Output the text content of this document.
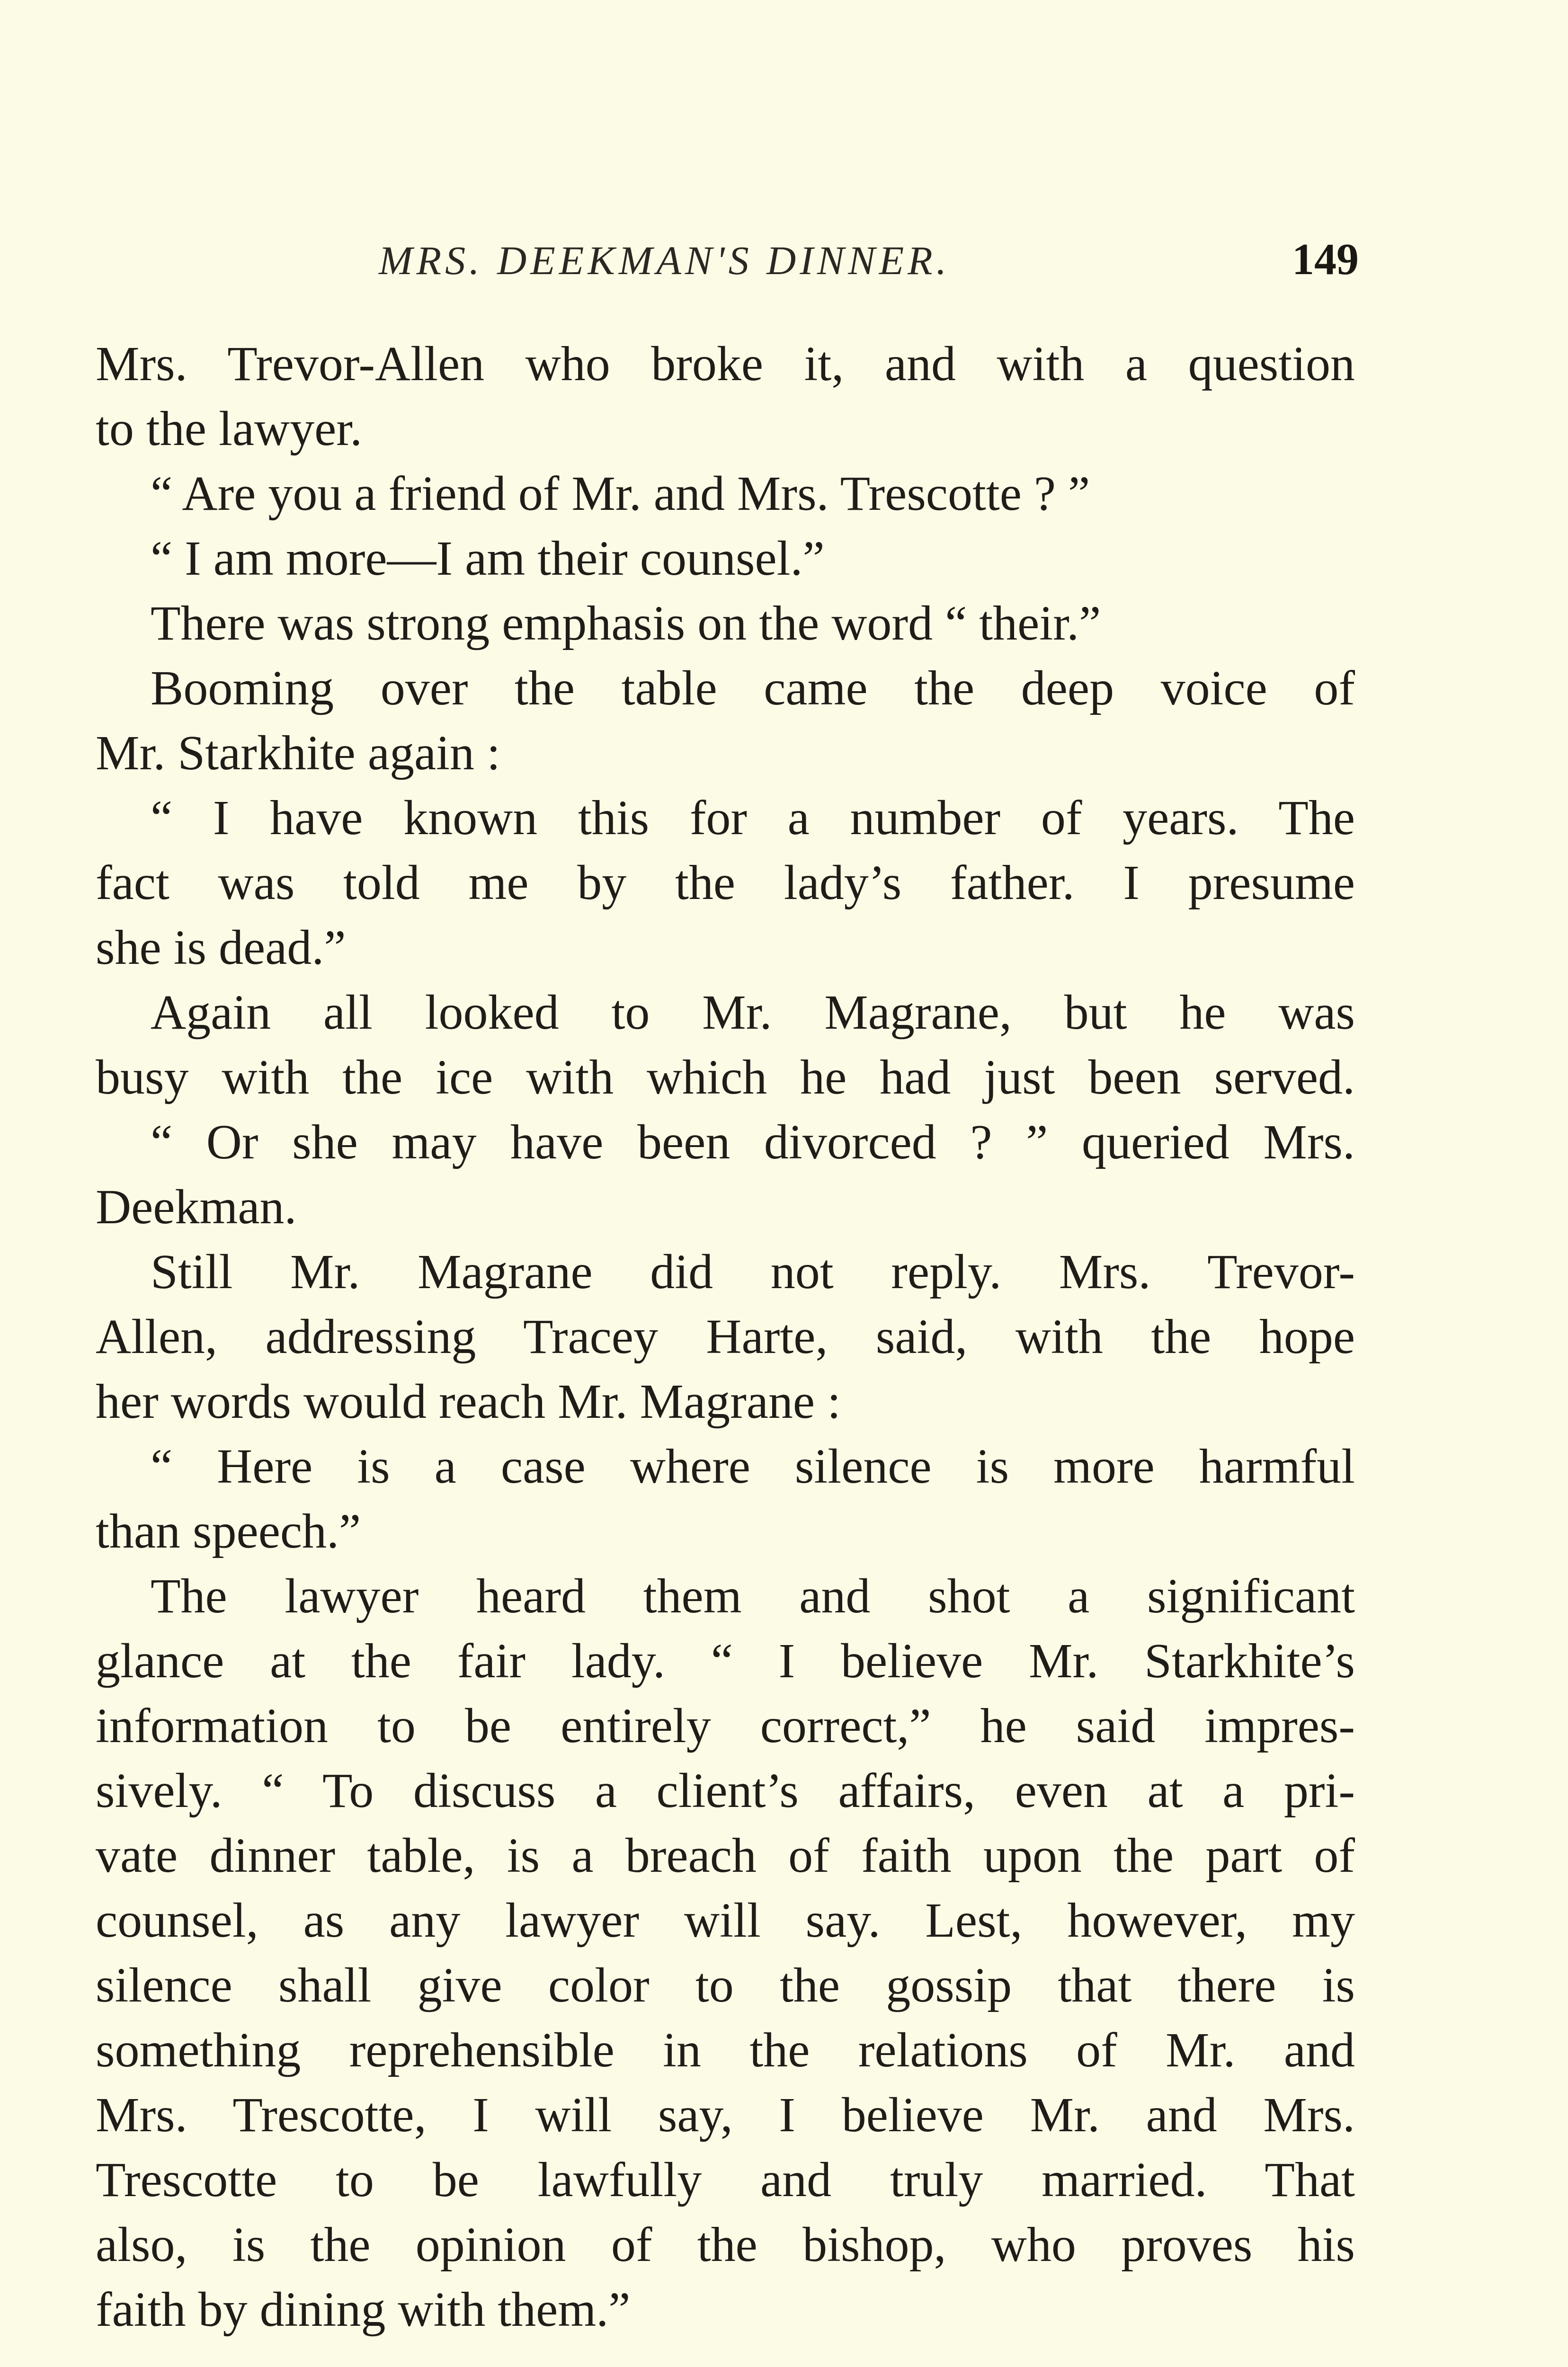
MRS. DEEKMAN'S DINNER.	149
Mrs. Trevor-Allen who broke it, and with a question
to the lawyer.
“ Are you a friend of Mr. and Mrs. Trescotte ? ”
“ I am more—I am their counsel.”
There was strong emphasis on the word “ their.”
Booming over the table came the deep voice of
Mr. Starkhite again :
“ I have known this for a number of years. The
fact was told me by the lady’s father. I presume
she is dead.”
Again all looked to Mr. Magrane, but he was
busy with the ice with which he had just been served.
“ Or she may have been divorced ? ” queried Mrs.
Deekman.
Still Mr. Magrane did not reply. Mrs. Trevor-
Allen, addressing Tracey Harte, said, with the hope
her words would reach Mr. Magrane :
“ Here is a case where silence is more harmful
than speech.”
The lawyer heard them and shot a significant
glance at the fair lady. “ I believe Mr. Starkhite’s
information to be entirely correct,” he said impres-
sively. “ To discuss a client’s affairs, even at a pri-
vate dinner table, is a breach of faith upon the part of
counsel, as any lawyer will say. Lest, however, my
silence shall give color to the gossip that there is
something reprehensible in the relations of Mr. and
Mrs. Trescotte, I will say, I believe Mr. and Mrs.
Trescotte to be lawfully and truly married. That
also, is the opinion of the bishop, who proves his
faith by dining with them.”
